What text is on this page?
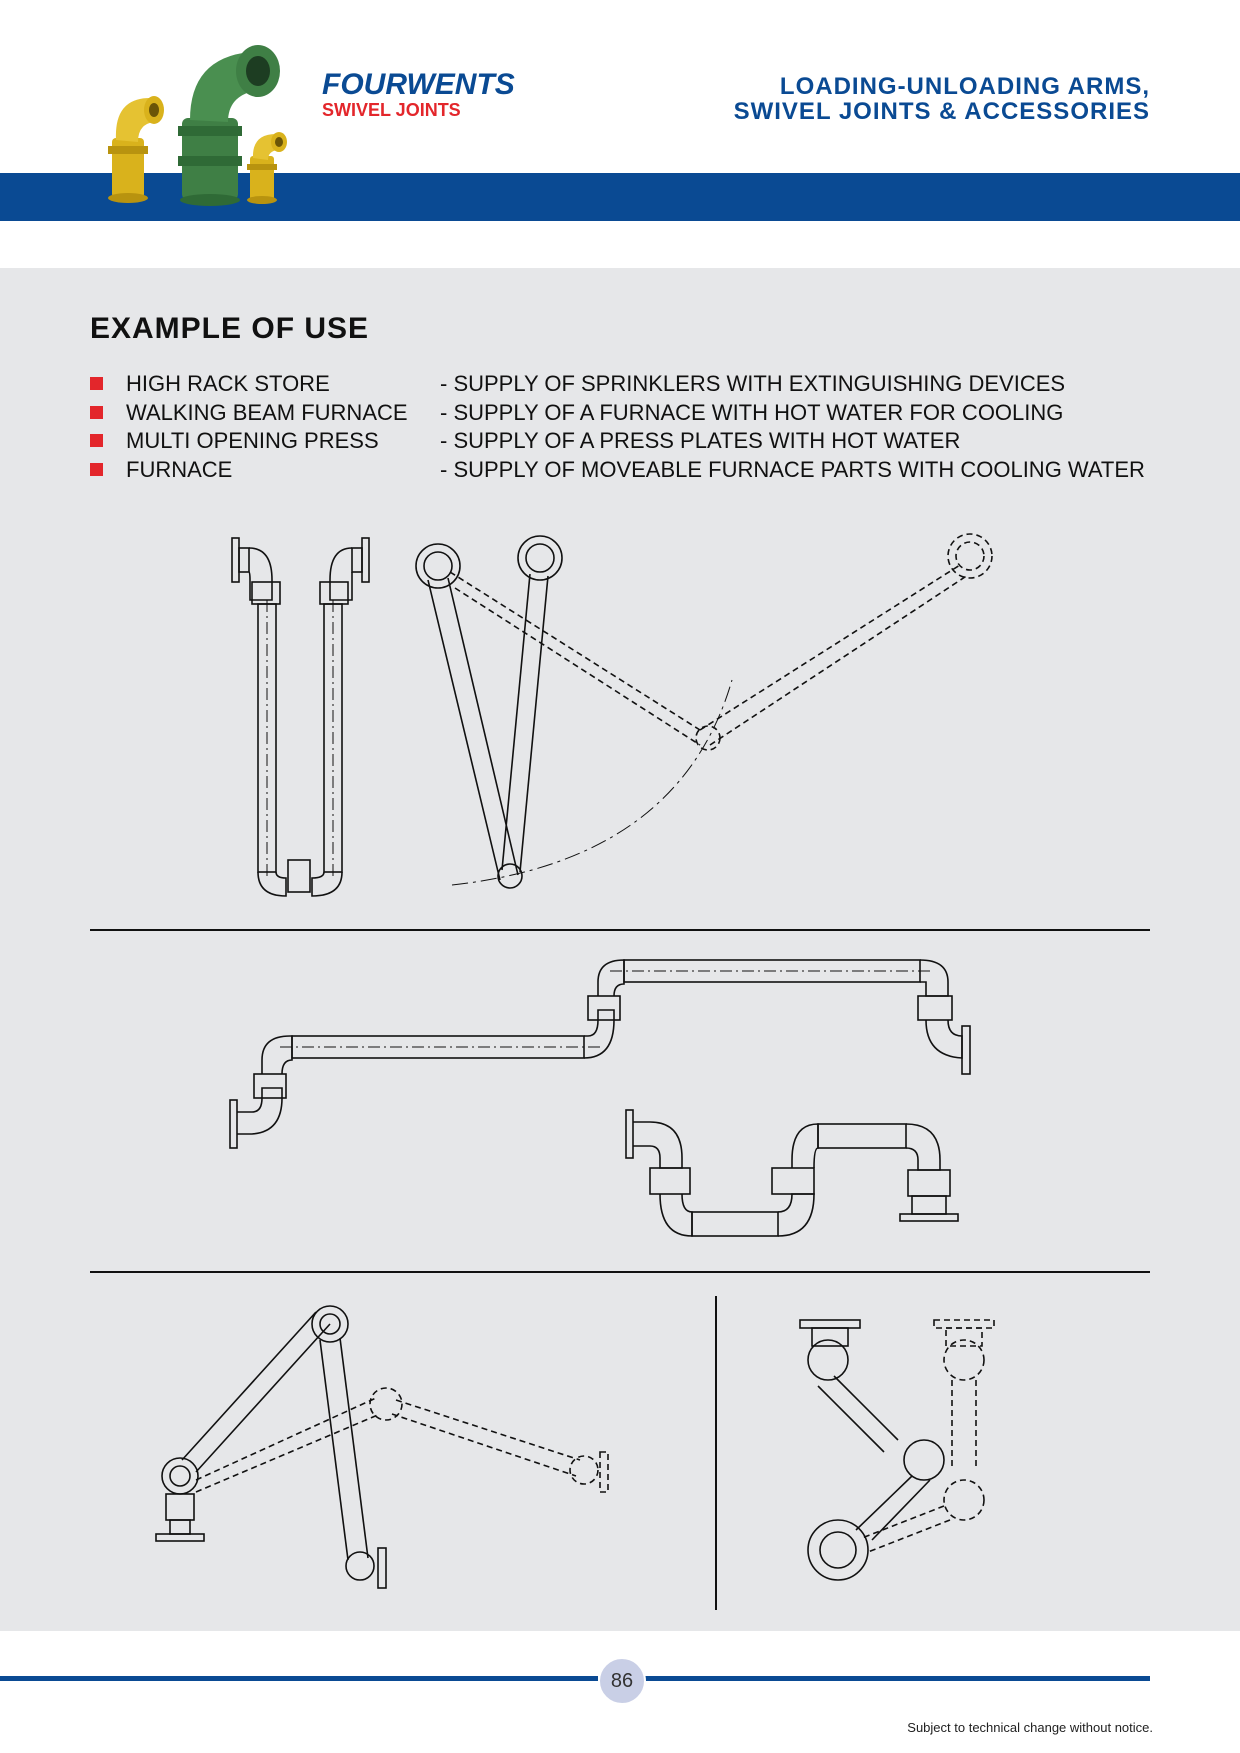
FOURWENTS
SWIVEL JOINTS
LOADING-UNLOADING ARMS,
SWIVEL JOINTS & ACCESSORIES
EXAMPLE OF USE
HIGH RACK STORE	- SUPPLY OF SPRINKLERS WITH EXTINGUISHING DEVICES
WALKING BEAM FURNACE - SUPPLY OF A FURNACE WITH HOT WATER FOR COOLING
MULTI OPENING PRESS	- SUPPLY OF A PRESS PLATES WITH HOT WATER
FURNACE	- SUPPLY OF MOVEABLE FURNACE PARTS WITH COOLING WATER
86
Subject to technical change without notice.
